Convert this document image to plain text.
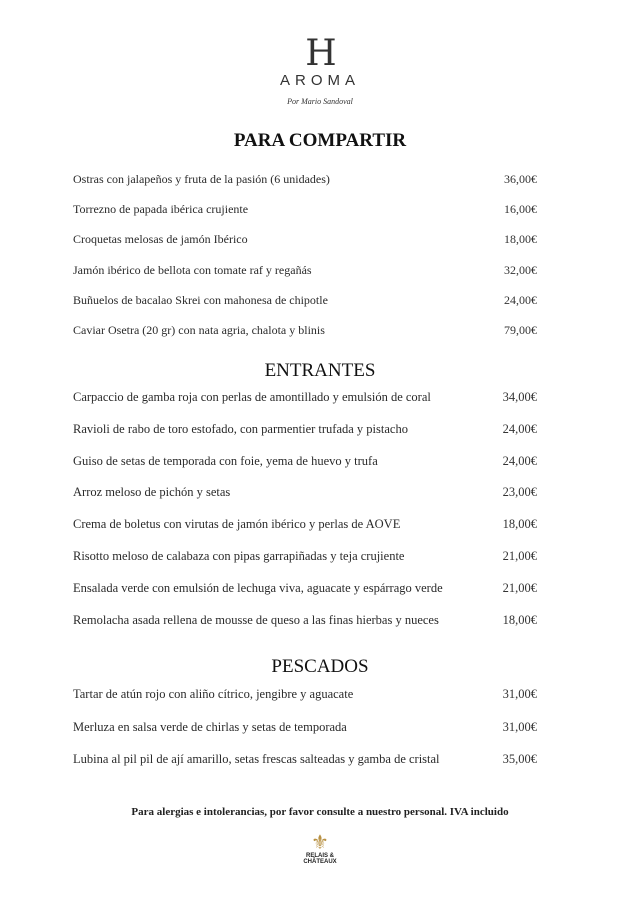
H
AROMA
Por Mario Sandoval
PARA COMPARTIR
Ostras con jalapeños y fruta de la pasión (6 unidades)	36,00€
Torrezno de papada ibérica crujiente	16,00€
Croquetas melosas de jamón Ibérico	18,00€
Jamón ibérico de bellota con tomate raf y regañás	32,00€
Buñuelos de bacalao Skrei con mahonesa de chipotle	24,00€
Caviar Osetra (20 gr) con nata agria, chalota y blinis	79,00€
ENTRANTES
Carpaccio de gamba roja con perlas de amontillado y emulsión de coral	34,00€
Ravioli de rabo de toro estofado, con parmentier trufada y pistacho	24,00€
Guiso de setas de temporada con foie, yema de huevo y trufa	24,00€
Arroz meloso de pichón y setas	23,00€
Crema de boletus con virutas de jamón ibérico y perlas de AOVE	18,00€
Risotto meloso de calabaza con pipas garrapiñadas y teja crujiente	21,00€
Ensalada verde con emulsión de lechuga viva, aguacate y espárrago verde	21,00€
Remolacha asada rellena de mousse de queso a las finas hierbas y nueces	18,00€
PESCADOS
Tartar de atún rojo con aliño cítrico, jengibre y aguacate	31,00€
Merluza en salsa verde de chirlas y setas de temporada	31,00€
Lubina al pil pil de ají amarillo, setas frescas salteadas y gamba de cristal	35,00€
Para alergias e intolerancias, por favor consulte a nuestro personal. IVA incluido
⚜
RELAIS & CHÂTEAUX
